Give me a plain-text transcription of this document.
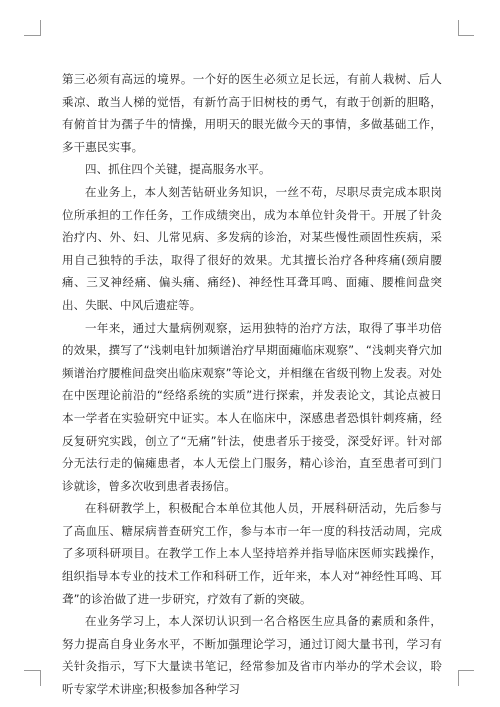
第三必须有高远的境界。一个好的医生必须立足长远，有前人栽树、后人乘凉、敢当人梯的觉悟，有新竹高于旧树枝的勇气，有敢于创新的胆略，有俯首甘为孺子牛的情操，用明天的眼光做今天的事情，多做基础工作，多干惠民实事。

四、抓住四个关键，提高服务水平。

在业务上，本人刻苦钻研业务知识，一丝不苟，尽职尽责完成本职岗位所承担的工作任务，工作成绩突出，成为本单位针灸骨干。开展了针灸治疗内、外、妇、儿常见病、多发病的诊治，对某些慢性顽固性疾病，采用自己独特的手法，取得了很好的效果。尤其擅长治疗各种疼痛(颈肩腰痛、三叉神经痛、偏头痛、痛经)、神经性耳聋耳鸣、面瘫、腰椎间盘突出、失眠、中风后遗症等。

一年来，通过大量病例观察，运用独特的治疗方法，取得了事半功倍的效果，撰写了“浅刺电针加频谱治疗早期面瘫临床观察”、“浅刺夹脊穴加频谱治疗腰椎间盘突出临床观察”等论文，并相继在省级刊物上发表。对处在中医理论前沿的“经络系统的实质”进行探索，并发表论文，其论点被日本一学者在实验研究中证实。本人在临床中，深感患者恐惧针刺疼痛，经反复研究实践，创立了“无痛”针法，使患者乐于接受，深受好评。针对部分无法行走的偏瘫患者，本人无偿上门服务，精心诊治，直至患者可到门诊就诊，曾多次收到患者表扬信。

在科研教学上，积极配合本单位其他人员，开展科研活动，先后参与了高血压、糖尿病普查研究工作，参与本市一年一度的科技活动周，完成了多项科研项目。在教学工作上本人坚持培养并指导临床医师实践操作，组织指导本专业的技术工作和科研工作，近年来，本人对“神经性耳鸣、耳聋”的诊治做了进一步研究，疗效有了新的突破。

在业务学习上，本人深切认识到一名合格医生应具备的素质和条件，努力提高自身业务水平，不断加强理论学习，通过订阅大量书刊，学习有关针灸指示，写下大量读书笔记，经常参加及省市内举办的学术会议，聆听专家学术讲座;积极参加各种学习
